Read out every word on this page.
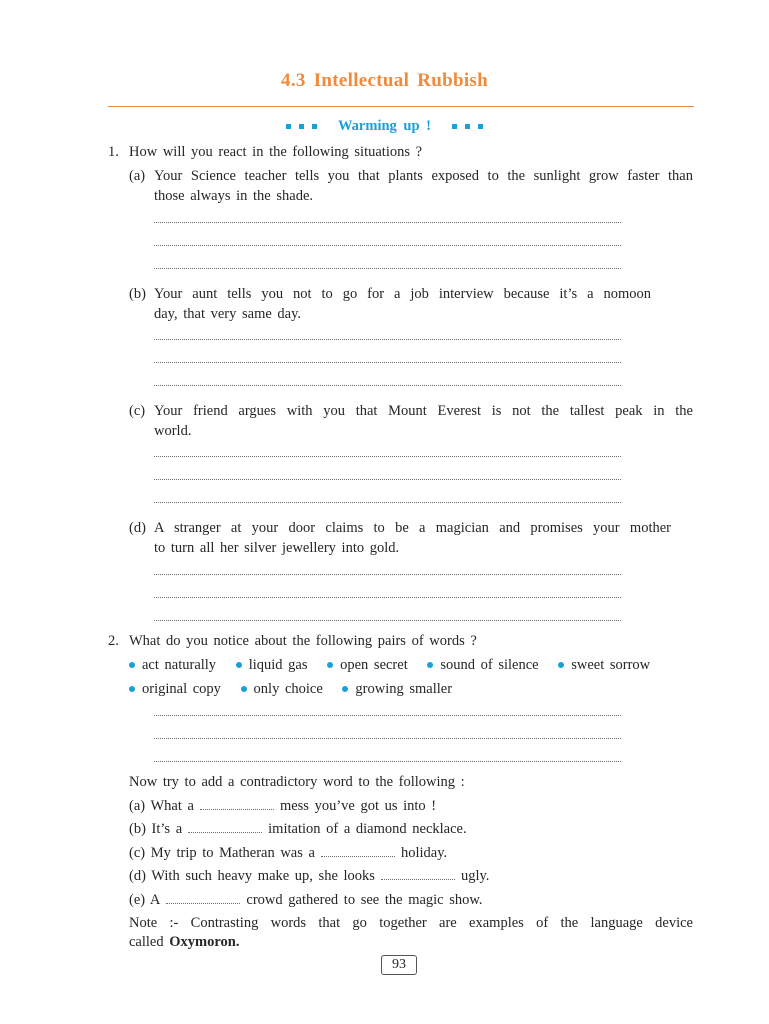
4.3 Intellectual Rubbish
Warming up !
1. How will you react in the following situations ?
(a) Your Science teacher tells you that plants exposed to the sunlight grow faster than
those always in the shade.
(b) Your aunt tells you not to go for a job interview because it’s a nomoon
day, that very same day.
(c) Your friend argues with you that Mount Everest is not the tallest peak in the
world.
(d) A stranger at your door claims to be a magician and promises your mother
to turn all her silver jewellery into gold.
2. What do you notice about the following pairs of words ?
act naturally liquid gas open secret sound of silence sweet sorrow
original copy only choice growing smaller
Now try to add a contradictory word to the following :
(a) What a	mess you’ve got us into !
(b) It’s a	imitation of a diamond necklace.
(c) My trip to Matheran was a	holiday.
(d) With such heavy make up, she looks	ugly.
(e) A	crowd gathered to see the magic show.
Note :- Contrasting words that go together are examples of the language device
called Oxymoron.
93
